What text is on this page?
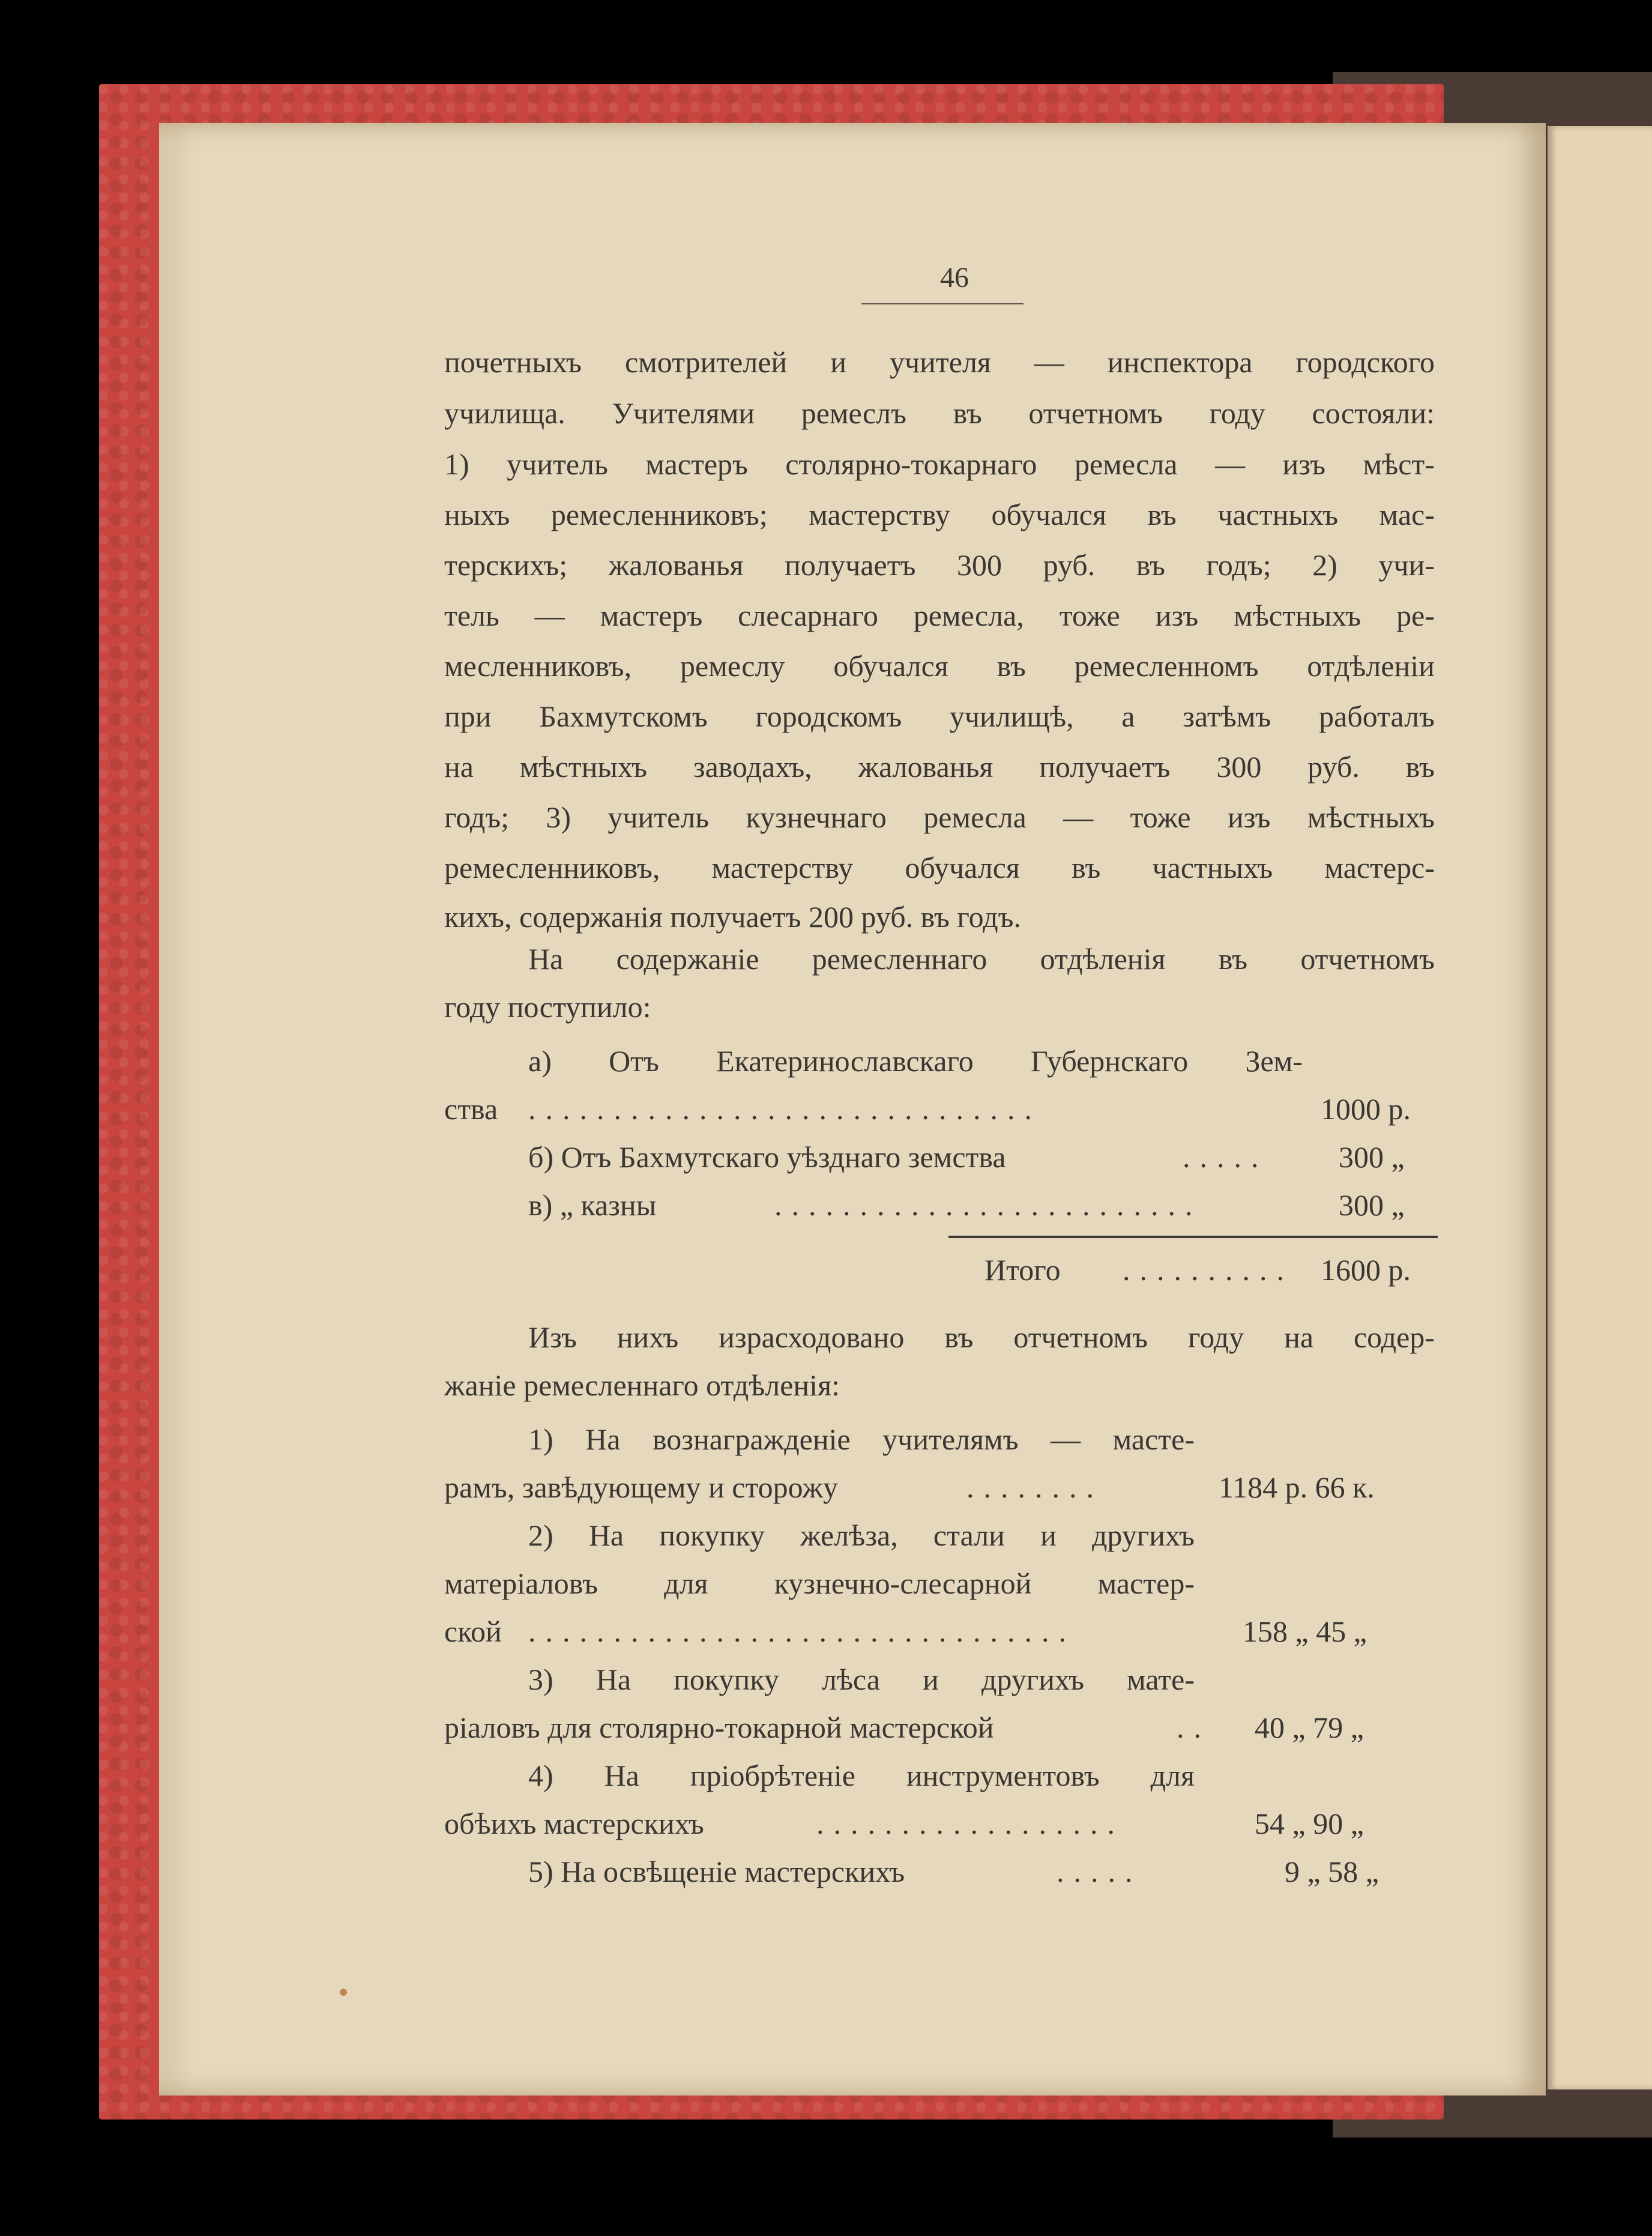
46
почетныхъ смотрителей и учителя — инспектора городского
училища. Учителями ремеслъ въ отчетномъ году состояли:
1) учитель мастеръ столярно-токарнаго ремесла — изъ мѣст-
ныхъ ремесленниковъ; мастерству обучался въ частныхъ мас-
терскихъ; жалованья получаетъ 300 руб. въ годъ; 2) учи-
тель — мастеръ слесарнаго ремесла, тоже изъ мѣстныхъ ре-
месленниковъ, ремеслу обучался въ ремесленномъ отдѣленіи
при Бахмутскомъ городскомъ училищѣ, а затѣмъ работалъ
на мѣстныхъ заводахъ, жалованья получаетъ 300 руб. въ
годъ; 3) учитель кузнечнаго ремесла — тоже изъ мѣстныхъ
ремесленниковъ, мастерству обучался въ частныхъ мастерс-
кихъ, содержанія получаетъ 200 руб. въ годъ.
На содержаніе ремесленнаго отдѣленія въ отчетномъ
году поступило:
а) Отъ Екатеринославскаго Губернскаго Зем-
ства ..............................	1000 р.
б) Отъ Бахмутскаго уѣзднаго земства	..... 300 „
в) „ казны	.........................	300 „
Итого .......... 1600 р.
Изъ нихъ израсходовано въ отчетномъ году на содер-
жаніе ремесленнаго отдѣленія:
1) На вознагражденіе учителямъ — масте-
рамъ, завѣдующему и сторожу	........	1184 р. 66 к.
2) На покупку желѣза, стали и другихъ
матеріаловъ для кузнечно-слесарной мастер-
ской ................................	158 „ 45 „
3) На покупку лѣса и другихъ мате-
ріаловъ для столярно-токарной мастерской	.. 40 „ 79 „
4) На пріобрѣтеніе инструментовъ для
обѣихъ мастерскихъ	..................	54 „ 90 „
5) На освѣщеніе мастерскихъ	.....	9 „ 58 „
